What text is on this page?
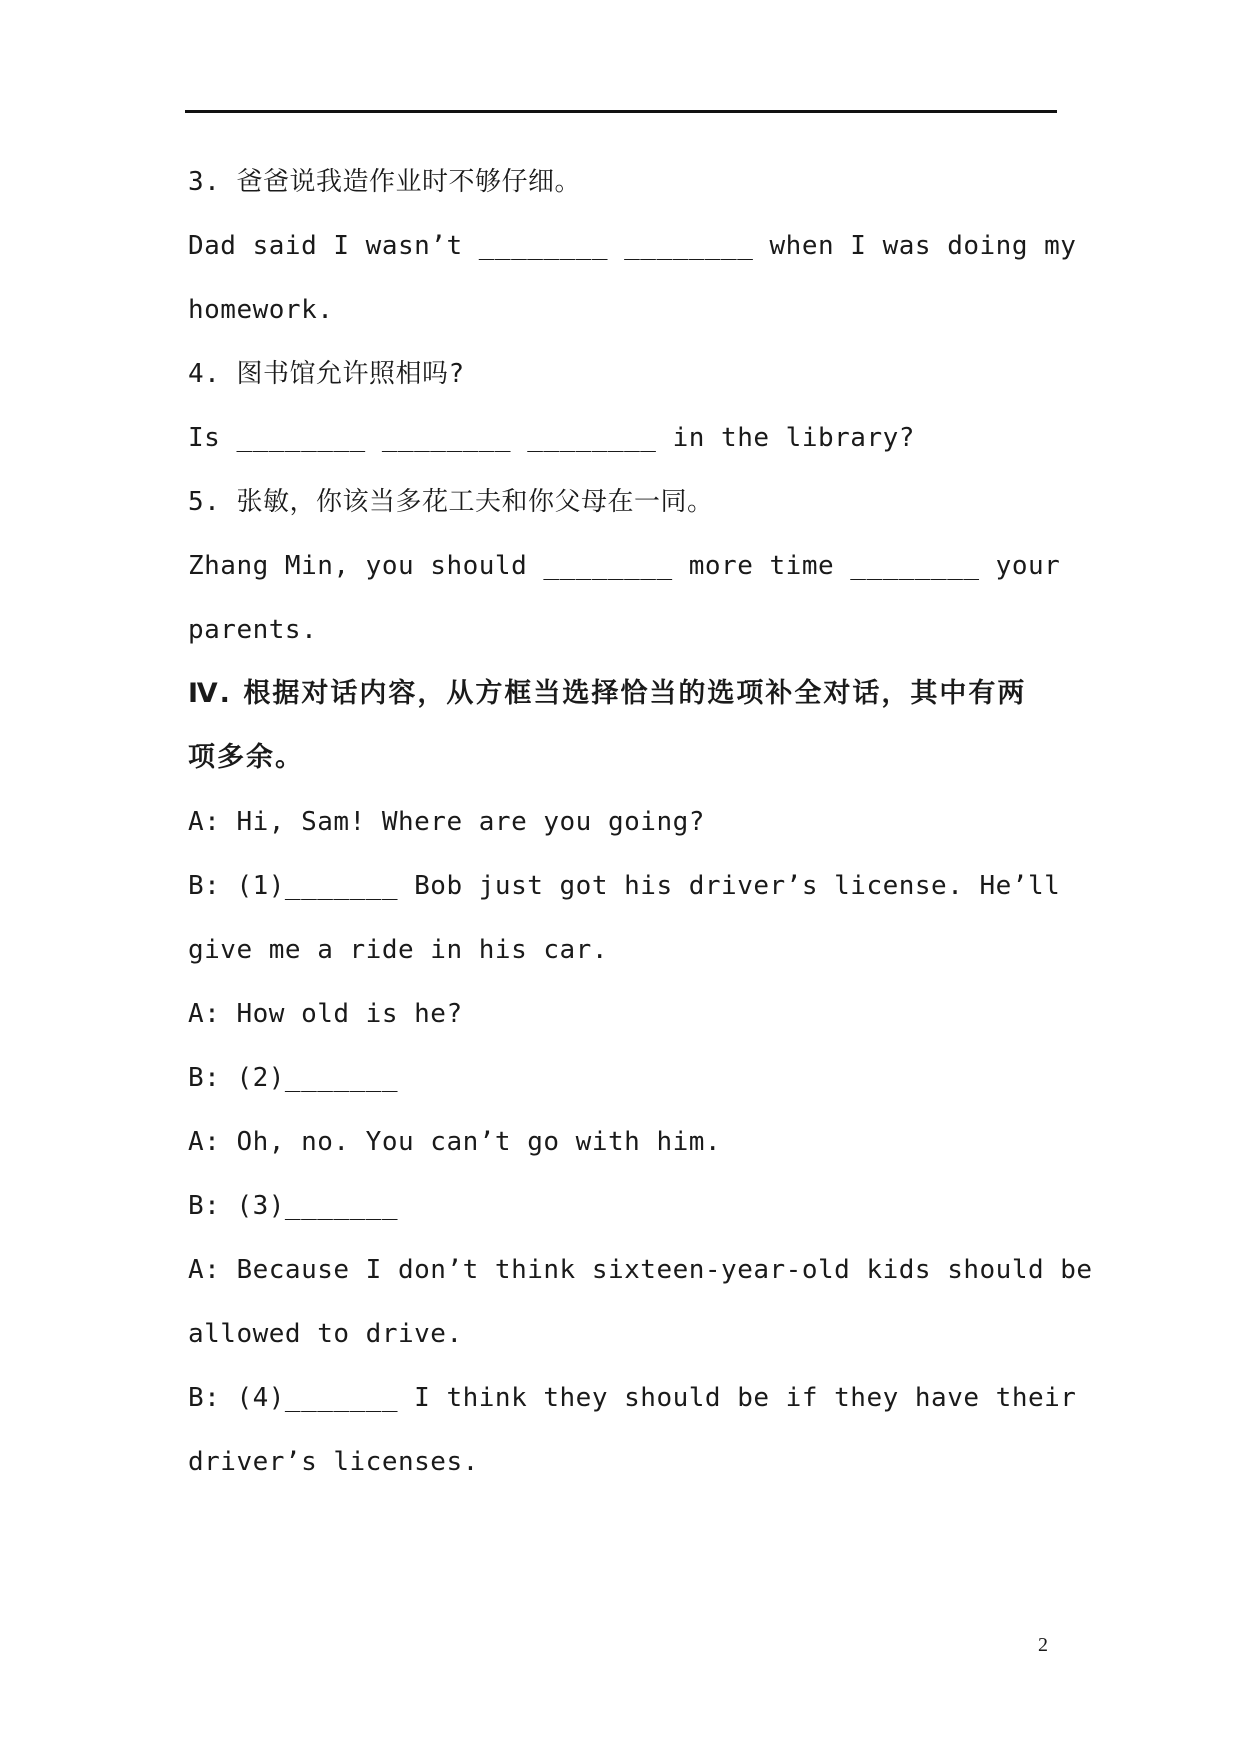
3. 爸爸说我造作业时不够仔细。
Dad said I wasn’t ________ ________ when I was doing my
homework.
4. 图书馆允许照相吗?
Is ________ ________ ________ in the library?
5. 张敏，你该当多花工夫和你父母在一同。
Zhang Min, you should ________ more time ________ your
parents.
Ⅳ. 根据对话内容，从方框当选择恰当的选项补全对话，其中有两
项多余。
A: Hi, Sam! Where are you going?
B: (1)_______ Bob just got his driver’s license. He’ll
give me a ride in his car.
A: How old is he?
B: (2)_______
A: Oh, no. You can’t go with him.
B: (3)_______
A: Because I don’t think sixteen-year-old kids should be
allowed to drive.
B: (4)_______ I think they should be if they have their
driver’s licenses.
2
